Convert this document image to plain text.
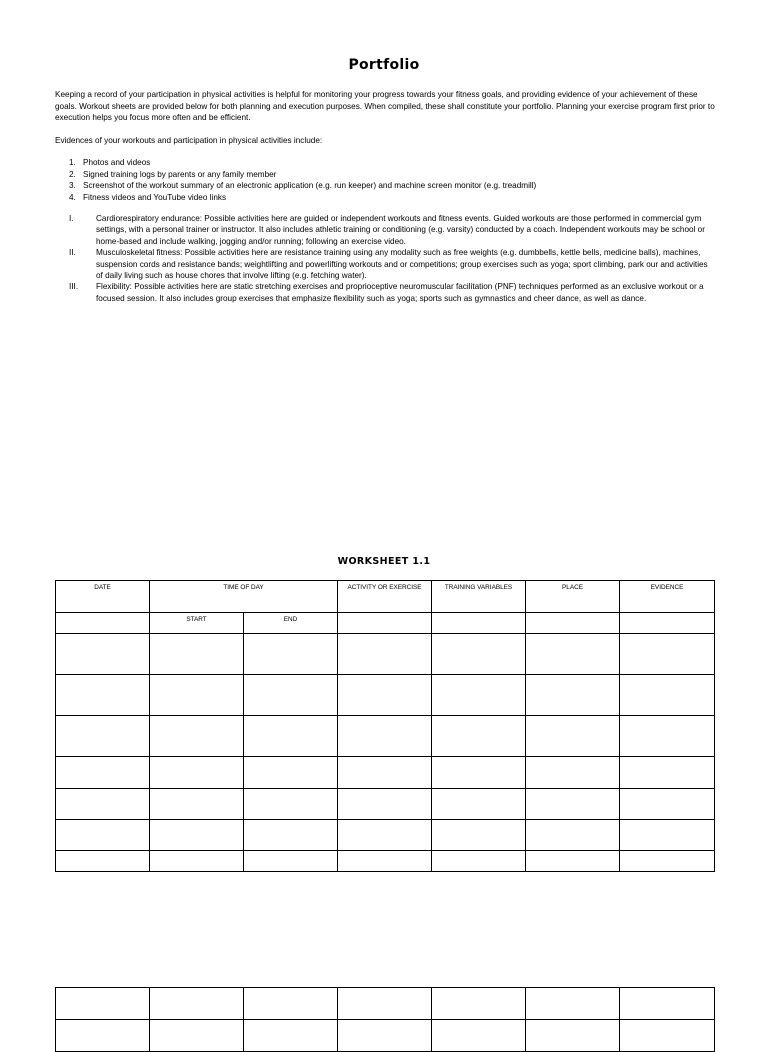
Portfolio

Keeping a record of your participation in physical activities is helpful for monitoring your progress towards your fitness goals, and providing evidence of your achievement of these goals. Workout sheets are provided below for both planning and execution purposes. When compiled, these shall constitute your portfolio. Planning your exercise program first prior to execution helps you focus more often and be efficient.

Evidences of your workouts and participation in physical activities include:

1. Photos and videos
2. Signed training logs by parents or any family member
3. Screenshot of the workout summary of an electronic application (e.g. run keeper) and machine screen monitor (e.g. treadmill)
4. Fitness videos and YouTube video links
I.	Cardiorespiratory endurance: Possible activities here are guided or independent workouts and fitness events. Guided workouts are those performed in commercial gym settings, with a personal trainer or instructor. It also includes athletic training or conditioning (e.g. varsity) conducted by a coach. Independent workouts may be school or home-based and include walking, jogging and/or running; following an exercise video.
II. Musculoskeletal fitness: Possible activities here are resistance training using any modality such as free weights (e.g. dumbbells, kettle bells, medicine balls), machines, suspension cords and resistance bands; weightlifting and powerlifting workouts and or competitions; group exercises such as yoga; sport climbing, park our and activities of daily living such as house chores that involve lifting (e.g. fetching water).
III. Flexibility: Possible activities here are static stretching exercises and proprioceptive neuromuscular facilitation (PNF) techniques performed as an exclusive workout or a focused session. It also includes group exercises that emphasize flexibility such as yoga; sports such as gymnastics and cheer dance, as well as dance.
WORKSHEET 1.1
DATE	TIME OF DAY		ACTIVITY OR EXERCISE	TRAINING VARIABLES	PLACE	EVIDENCE

	START	END				
